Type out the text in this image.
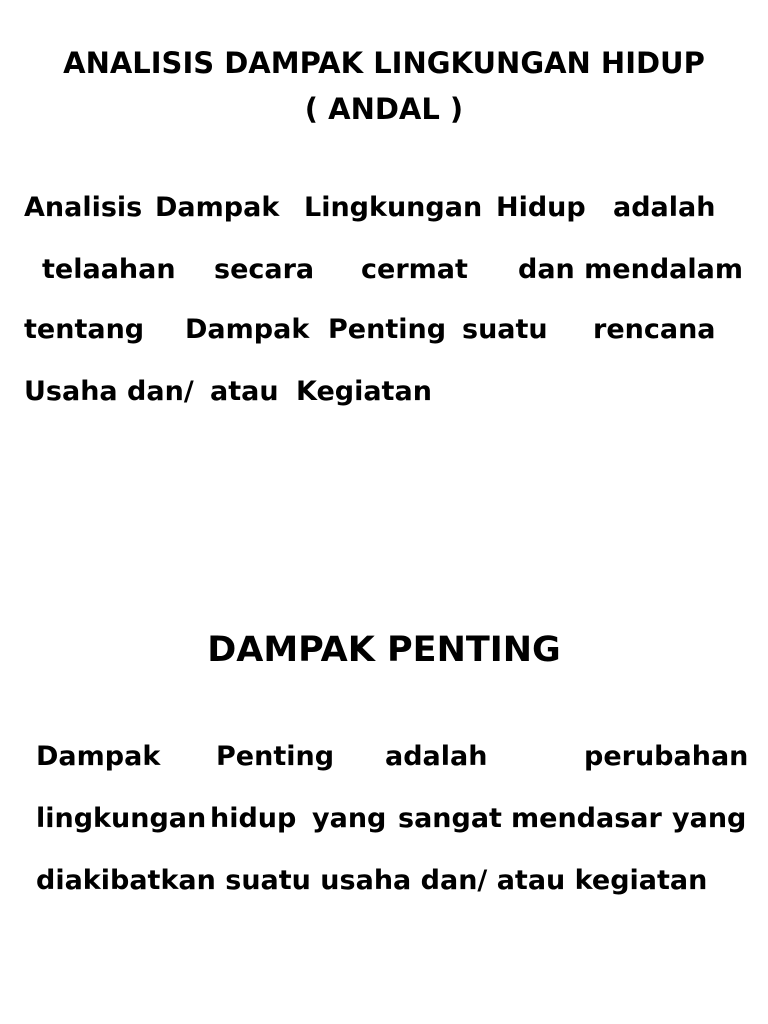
ANALISIS DAMPAK LINGKUNGAN HIDUP
( ANDAL )
Analisis Dampak Lingkungan Hidup adalah
telaahan secara cermat dan mendalam
tentang Dampak Penting suatu rencana
Usaha dan/ atau Kegiatan
DAMPAK PENTING
Dampak Penting adalah	perubahan
lingkungan hidup yang sangat mendasar yang
diakibatkan suatu usaha dan/ atau kegiatan
